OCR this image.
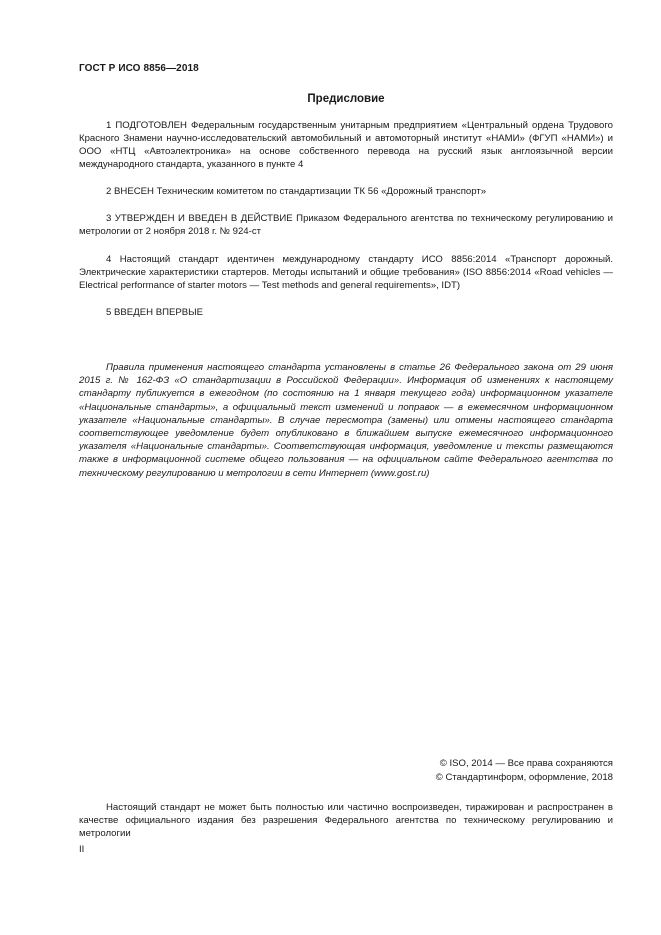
ГОСТ Р ИСО 8856—2018
Предисловие

1 ПОДГОТОВЛЕН Федеральным государственным унитарным предприятием «Центральный ордена Трудового Красного Знамени научно-исследовательский автомобильный и автомоторный институт «НАМИ» (ФГУП «НАМИ») и ООО «НТЦ «Автоэлектроника» на основе собственного перевода на русский язык англоязычной версии международного стандарта, указанного в пункте 4

2 ВНЕСЕН Техническим комитетом по стандартизации ТК 56 «Дорожный транспорт»

3 УТВЕРЖДЕН И ВВЕДЕН В ДЕЙСТВИЕ Приказом Федерального агентства по техническому регулированию и метрологии от 2 ноября 2018 г. № 924-ст

4 Настоящий стандарт идентичен международному стандарту ИСО 8856:2014 «Транспорт дорожный. Электрические характеристики стартеров. Методы испытаний и общие требования» (ISO 8856:2014 «Road vehicles — Electrical performance of starter motors — Test methods and general requirements», IDT)

5 ВВЕДЕН ВПЕРВЫЕ

Правила применения настоящего стандарта установлены в статье 26 Федерального закона от 29 июня 2015 г. № 162-ФЗ «О стандартизации в Российской Федерации». Информация об изменениях к настоящему стандарту публикуется в ежегодном (по состоянию на 1 января текущего года) информационном указателе «Национальные стандарты», а официальный текст изменений и поправок — в ежемесячном информационном указателе «Национальные стандарты». В случае пересмотра (замены) или отмены настоящего стандарта соответствующее уведомление будет опубликовано в ближайшем выпуске ежемесячного информационного указателя «Национальные стандарты». Соответствующая информация, уведомление и тексты размещаются также в информационной системе общего пользования — на официальном сайте Федерального агентства по техническому регулированию и метрологии в сети Интернет (www.gost.ru)

© ISO, 2014 — Все права сохраняются
© Стандартинформ, оформление, 2018

Настоящий стандарт не может быть полностью или частично воспроизведен, тиражирован и распространен в качестве официального издания без разрешения Федерального агентства по техническому регулированию и метрологии

II
